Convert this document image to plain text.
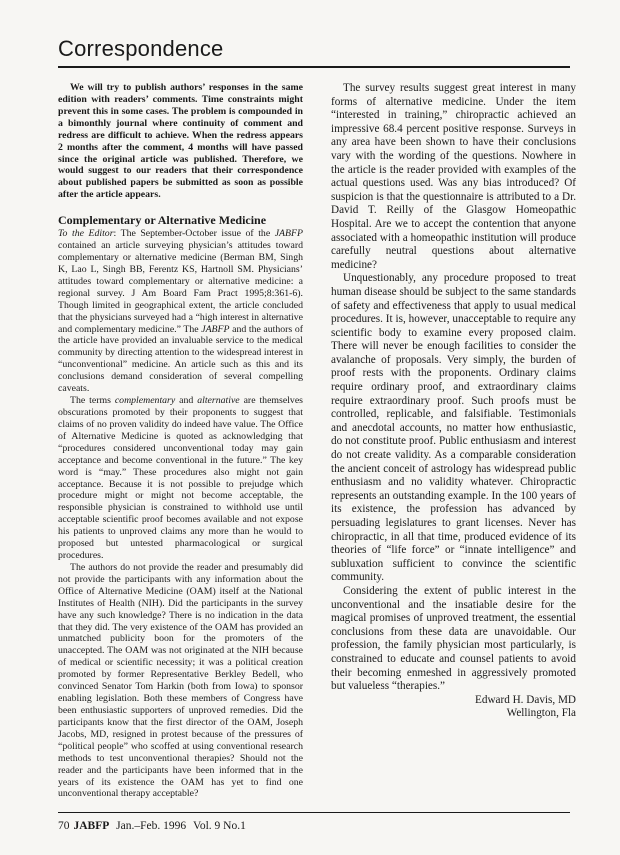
Correspondence

We will try to publish authors’ responses in the same edition with readers’ comments. Time constraints might prevent this in some cases. The problem is compounded in a bimonthly journal where continuity of comment and redress are difficult to achieve. When the redress appears 2 months after the comment, 4 months will have passed since the original article was published. Therefore, we would suggest to our readers that their correspondence about published papers be submitted as soon as possible after the article appears.

Complementary or Alternative Medicine

To the Editor: The September-October issue of the JABFP contained an article surveying physician’s attitudes toward complementary or alternative medicine (Berman BM, Singh K, Lao L, Singh BB, Ferentz KS, Hartnoll SM. Physicians’ attitudes toward complementary or alternative medicine: a regional survey. J Am Board Fam Pract 1995;8:361-6). Though limited in geographical extent, the article concluded that the physicians surveyed had a “high interest in alternative and complementary medicine.” The JABFP and the authors of the article have provided an invaluable service to the medical community by directing attention to the widespread interest in “unconventional” medicine. An article such as this and its conclusions demand consideration of several compelling caveats.

The terms complementary and alternative are themselves obscurations promoted by their proponents to suggest that claims of no proven validity do indeed have value. The Office of Alternative Medicine is quoted as acknowledging that “procedures considered unconventional today may gain acceptance and become conventional in the future.” The key word is “may.” These procedures also might not gain acceptance. Because it is not possible to prejudge which procedure might or might not become acceptable, the responsible physician is constrained to withhold use until acceptable scientific proof becomes available and not expose his patients to unproved claims any more than he would to proposed but untested pharmacological or surgical procedures.

The authors do not provide the reader and presumably did not provide the participants with any information about the Office of Alternative Medicine (OAM) itself at the National Institutes of Health (NIH). Did the participants in the survey have any such knowledge? There is no indication in the data that they did. The very existence of the OAM has provided an unmatched publicity boon for the promoters of the unaccepted. The OAM was not originated at the NIH because of medical or scientific necessity; it was a political creation promoted by former Representative Berkley Bedell, who convinced Senator Tom Harkin (both from Iowa) to sponsor enabling legislation. Both these members of Congress have been enthusiastic supporters of unproved remedies. Did the participants know that the first director of the OAM, Joseph Jacobs, MD, resigned in protest because of the pressures of “political people” who scoffed at using conventional research methods to test unconventional therapies? Should not the reader and the participants have been informed that in the years of its existence the OAM has yet to find one unconventional therapy acceptable?

The survey results suggest great interest in many forms of alternative medicine. Under the item “interested in training,” chiropractic achieved an impressive 68.4 percent positive response. Surveys in any area have been shown to have their conclusions vary with the wording of the questions. Nowhere in the article is the reader provided with examples of the actual questions used. Was any bias introduced? Of suspicion is that the questionnaire is attributed to a Dr. David T. Reilly of the Glasgow Homeopathic Hospital. Are we to accept the contention that anyone associated with a homeopathic institution will produce carefully neutral questions about alternative medicine?

Unquestionably, any procedure proposed to treat human disease should be subject to the same standards of safety and effectiveness that apply to usual medical procedures. It is, however, unacceptable to require any scientific body to examine every proposed claim. There will never be enough facilities to consider the avalanche of proposals. Very simply, the burden of proof rests with the proponents. Ordinary claims require ordinary proof, and extraordinary claims require extraordinary proof. Such proofs must be controlled, replicable, and falsifiable. Testimonials and anecdotal accounts, no matter how enthusiastic, do not constitute proof. Public enthusiasm and interest do not create validity. As a comparable consideration the ancient conceit of astrology has widespread public enthusiasm and no validity whatever. Chiropractic represents an outstanding example. In the 100 years of its existence, the profession has advanced by persuading legislatures to grant licenses. Never has chiropractic, in all that time, produced evidence of its theories of “life force” or “innate intelligence” and subluxation sufficient to convince the scientific community.

Considering the extent of public interest in the unconventional and the insatiable desire for the magical promises of unproved treatment, the essential conclusions from these data are unavoidable. Our profession, the family physician most particularly, is constrained to educate and counsel patients to avoid their becoming enmeshed in aggressively promoted but valueless “therapies.”

Edward H. Davis, MD

Wellington, Fla

70 JABFP Jan.–Feb. 1996 Vol. 9 No.1
